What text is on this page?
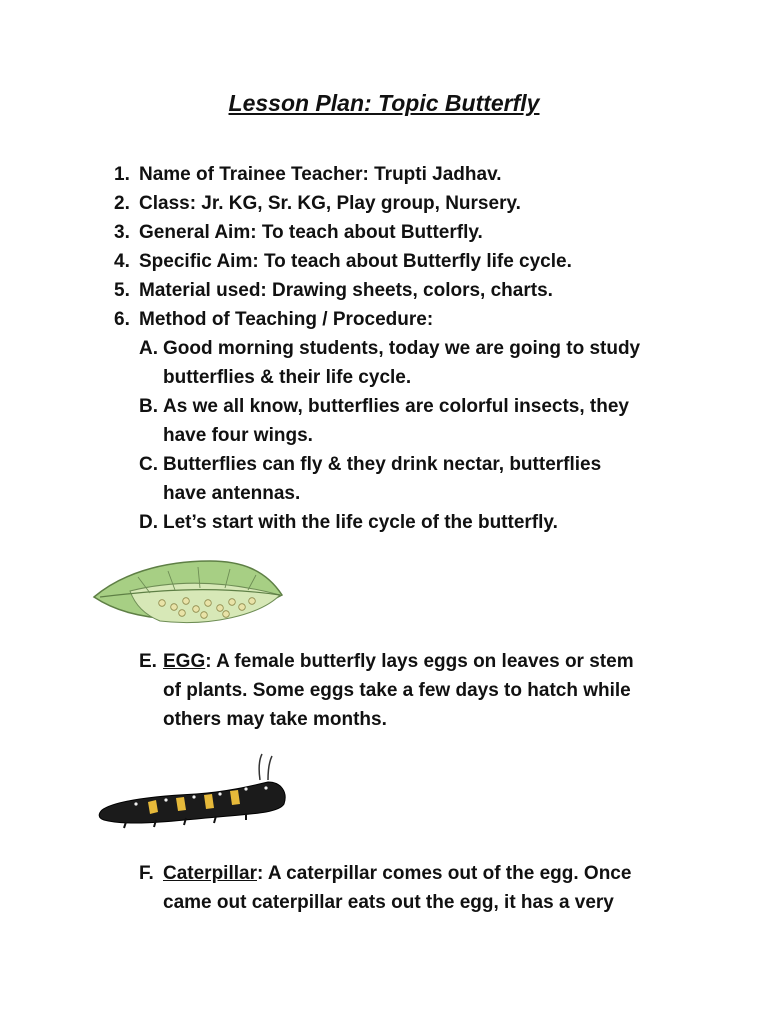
Lesson Plan: Topic Butterfly
1. Name of Trainee Teacher: Trupti Jadhav.
2. Class: Jr. KG, Sr. KG, Play group, Nursery.
3. General Aim: To teach about Butterfly.
4. Specific Aim: To teach about Butterfly life cycle.
5. Material used: Drawing sheets, colors, charts.
6. Method of Teaching / Procedure:
A. Good morning students, today we are going to study
butterflies & their life cycle.
B. As we all know, butterflies are colorful insects, they
have four wings.
C. Butterflies can fly & they drink nectar, butterflies
have antennas.
D. Let’s start with the life cycle of the butterfly.
E. EGG: A female butterfly lays eggs on leaves or stem
of plants. Some eggs take a few days to hatch while
others may take months.
F. Caterpillar: A caterpillar comes out of the egg. Once
came out caterpillar eats out the egg, it has a very
